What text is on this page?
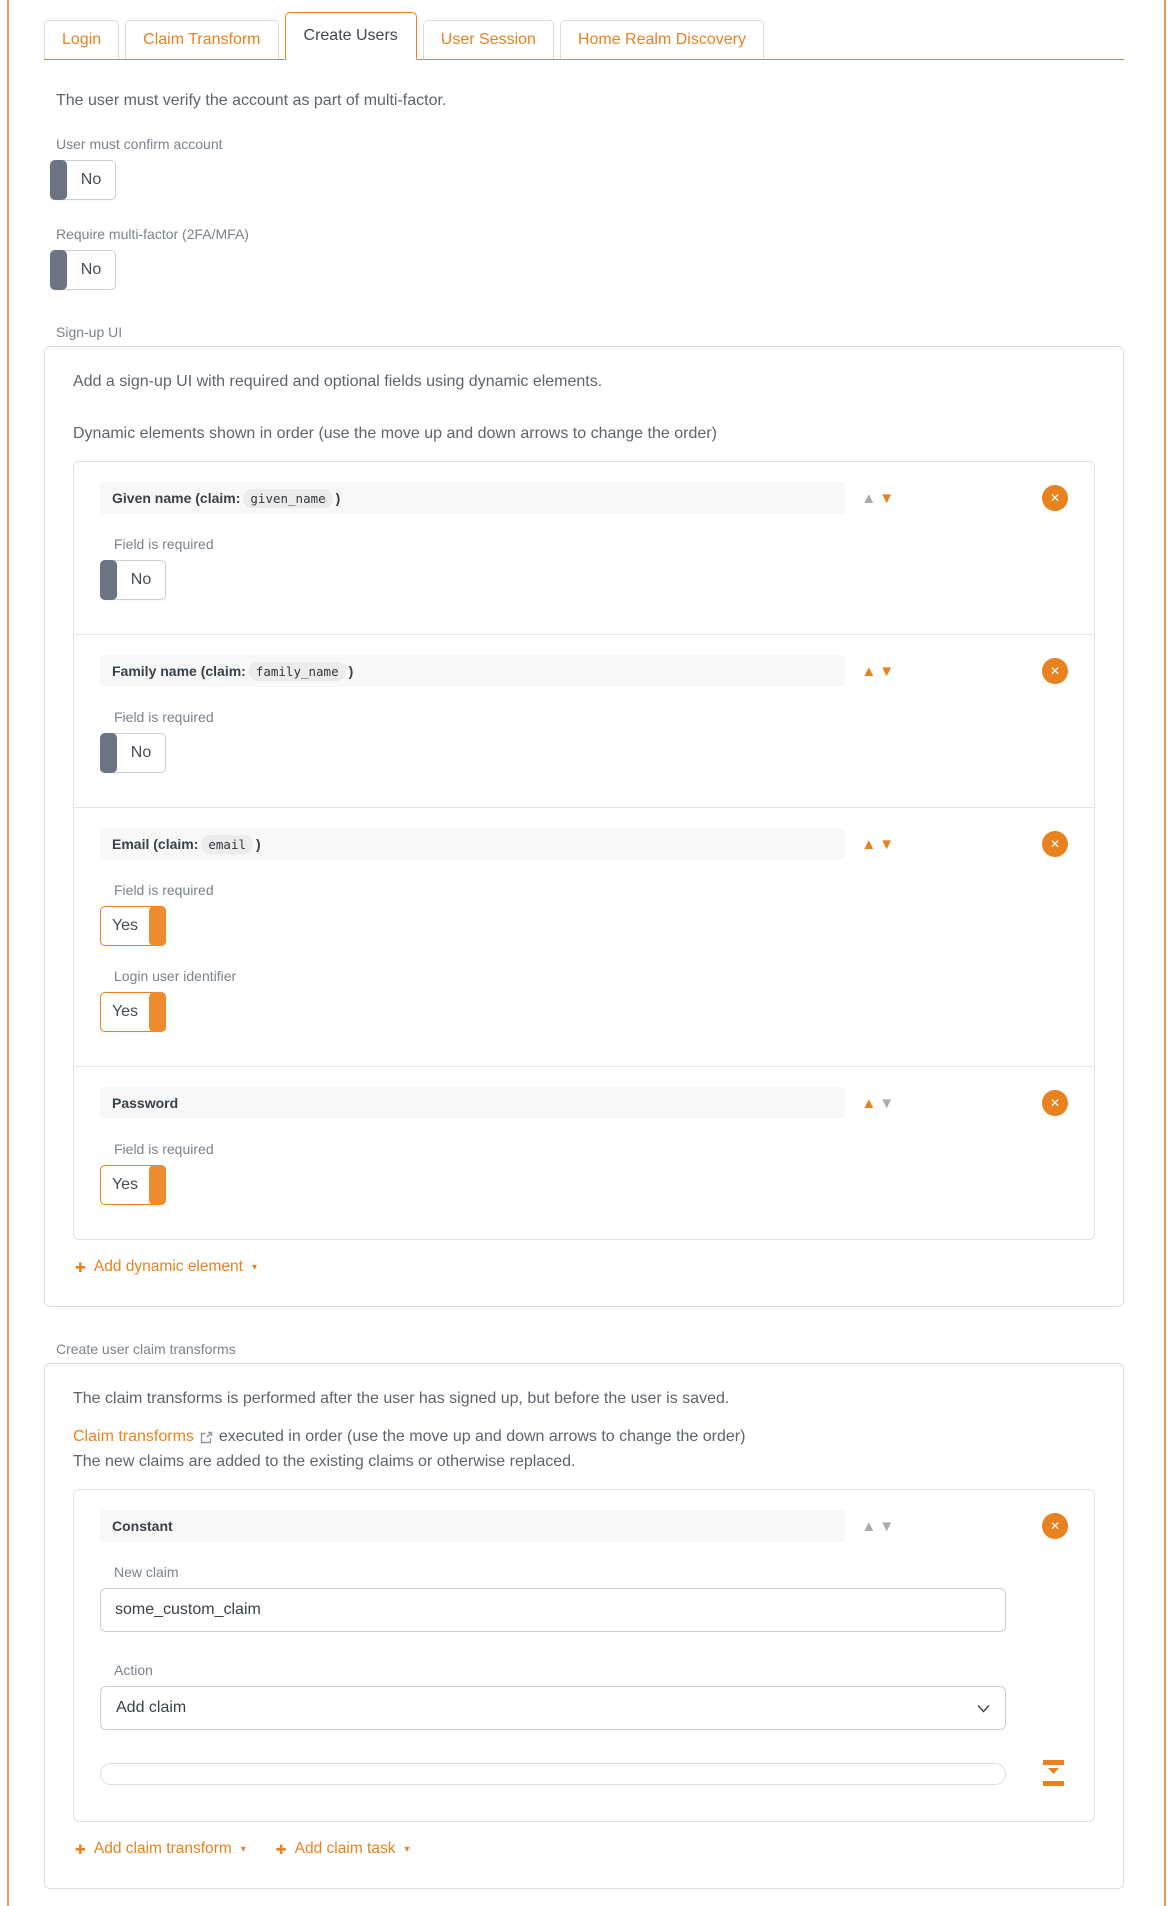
Login	Claim Transform	Create Users	User Session	Home Realm Discovery
The user must verify the account as part of multi-factor.
User must confirm account
No
Require multi-factor (2FA/MFA)
No
Sign-up UI
Add a sign-up UI with required and optional fields using dynamic elements.
Dynamic elements shown in order (use the move up and down arrows to change the order)
Given name (claim: given_name )	▲ ▼	✕
Field is required
No
Family name (claim: family_name )	▲ ▼	✕
Field is required
No
Email (claim: email )	▲ ▼	✕
Field is required
Yes
Login user identifier
Yes
Password	▲ ▼	✕
Field is required
Yes
✚ Add dynamic element ▾
Create user claim transforms
The claim transforms is performed after the user has signed up, but before the user is saved.
Claim transforms executed in order (use the move up and down arrows to change the order)
The new claims are added to the existing claims or otherwise replaced.
Constant	▲ ▼	✕
New claim
some_custom_claim
Action
Add claim
✚ Add claim transform ▾ ✚ Add claim task ▾
